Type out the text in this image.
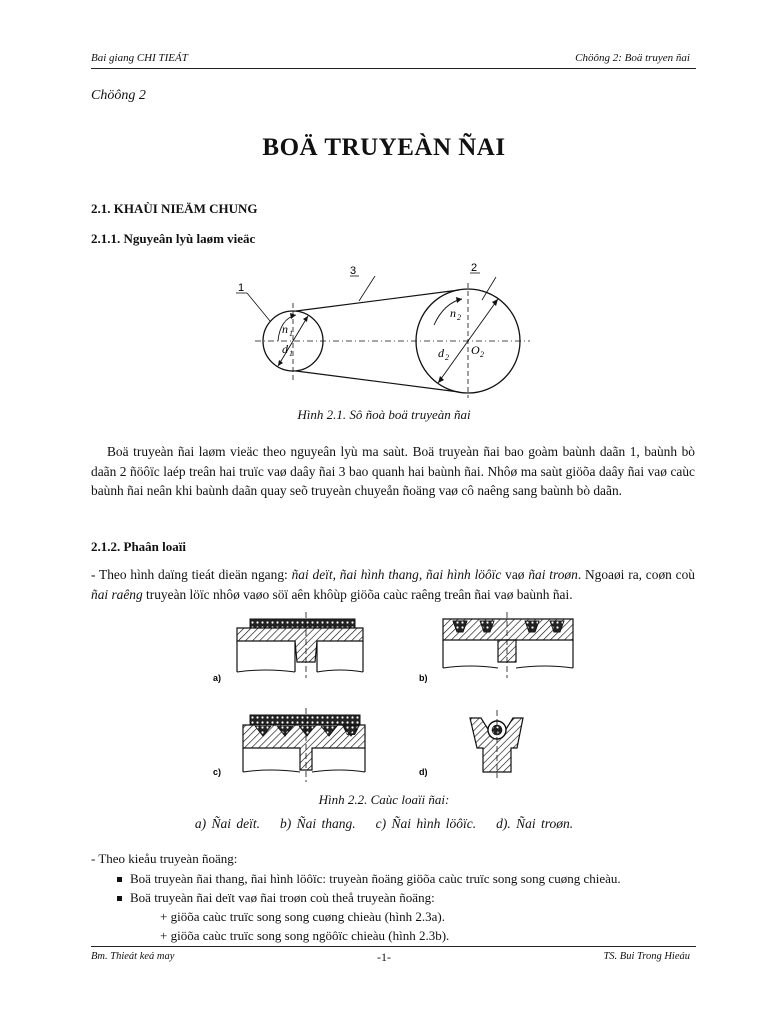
Bai giang CHI TIEÁT	Chöông 2: Boä truyen ñai
Chöông 2
BOÄ TRUYEÀN ÑAI
2.1. KHAÙI NIEÄM CHUNG
2.1.1. Nguyeân lyù laøm vieäc
1
3	2
n 1
d 1
n 2
d 2
O 2
Hình 2.1. Sô ñoà boä truyeàn ñai
Boä truyeàn ñai laøm vieäc theo nguyeân lyù ma saùt. Boä truyeàn ñai bao goàm baùnh daãn 1, baùnh bò daãn 2 ñöôïc laép treân hai truïc vaø daây ñai 3 bao quanh hai baùnh ñai. Nhôø ma saùt giöõa daây ñai vaø caùc baùnh ñai neân khi baùnh daãn quay seõ truyeàn chuyeån ñoäng vaø cô naêng sang baùnh bò daãn.
2.1.2. Phaân loaïi
- Theo hình daïng tieát dieän ngang: ñai deït, ñai hình thang, ñai hình löôïc vaø ñai troøn. Ngoaøi ra, coøn coù ñai raêng truyeàn löïc nhôø vaøo söï aên khôùp giöõa caùc raêng treân ñai vaø baùnh ñai.
a)	b)
c)	d)
Hình 2.2. Caùc loaïi ñai:
a) Ñai deït. b) Ñai thang. c) Ñai hình löôïc. d). Ñai troøn.
- Theo kieåu truyeàn ñoäng:
Boä truyeàn ñai thang, ñai hình löôïc: truyeàn ñoäng giöõa caùc truïc song song cuøng chieàu.
Boä truyeàn ñai deït vaø ñai troøn coù theå truyeàn ñoäng:
+ giöõa caùc truïc song song cuøng chieàu (hình 2.3a).
+ giöõa caùc truïc song song ngöôïc chieàu (hình 2.3b).
Bm. Thieát keá may	-1-	TS. Bui Trong Hieáu
